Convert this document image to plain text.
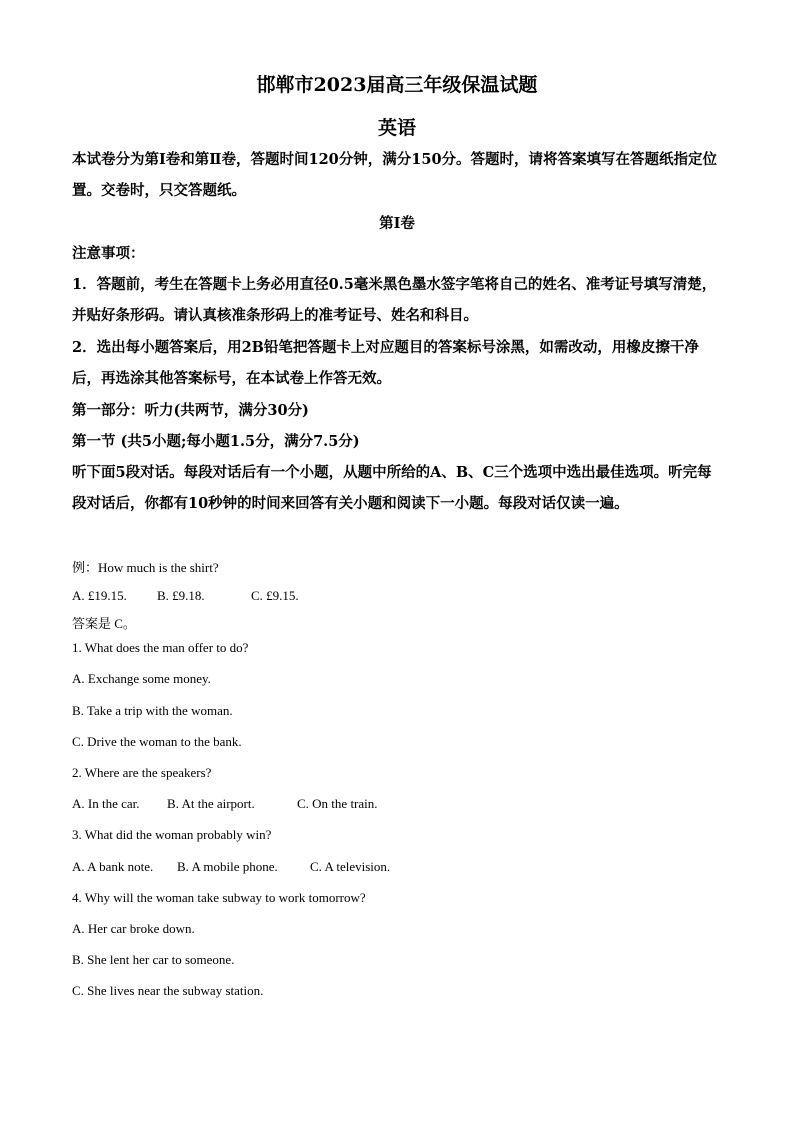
邯郸市2023届高三年级保温试题
英语
本试卷分为第Ⅰ卷和第Ⅱ卷，答题时间120分钟，满分150分。答题时，请将答案填写在答题纸指定位置。交卷时，只交答题纸。
第Ⅰ卷
注意事项：
1．答题前，考生在答题卡上务必用直径0.5毫米黑色墨水签字笔将自己的姓名、准考证号填写清楚，并贴好条形码。请认真核准条形码上的准考证号、姓名和科目。
2．选出每小题答案后，用2B铅笔把答题卡上对应题目的答案标号涂黑，如需改动，用橡皮擦干净后，再选涂其他答案标号，在本试卷上作答无效。
第一部分：听力(共两节，满分30分)
第一节 (共5小题;每小题1.5分，满分7.5分)
听下面5段对话。每段对话后有一个小题，从题中所给的A、B、C三个选项中选出最佳选项。听完每段对话后，你都有10秒钟的时间来回答有关小题和阅读下一小题。每段对话仅读一遍。
例：How much is the shirt?
A. £19.15. B. £9.18.	C. £9.15.
答案是 C。
1. What does the man offer to do?
A. Exchange some money.
B. Take a trip with the woman.
C. Drive the woman to the bank.
2. Where are the speakers?
A. In the car. B. At the airport.	C. On the train.
3. What did the woman probably win?
A. A bank note. B. A mobile phone. C. A television.
4. Why will the woman take subway to work tomorrow?
A. Her car broke down.
B. She lent her car to someone.
C. She lives near the subway station.
